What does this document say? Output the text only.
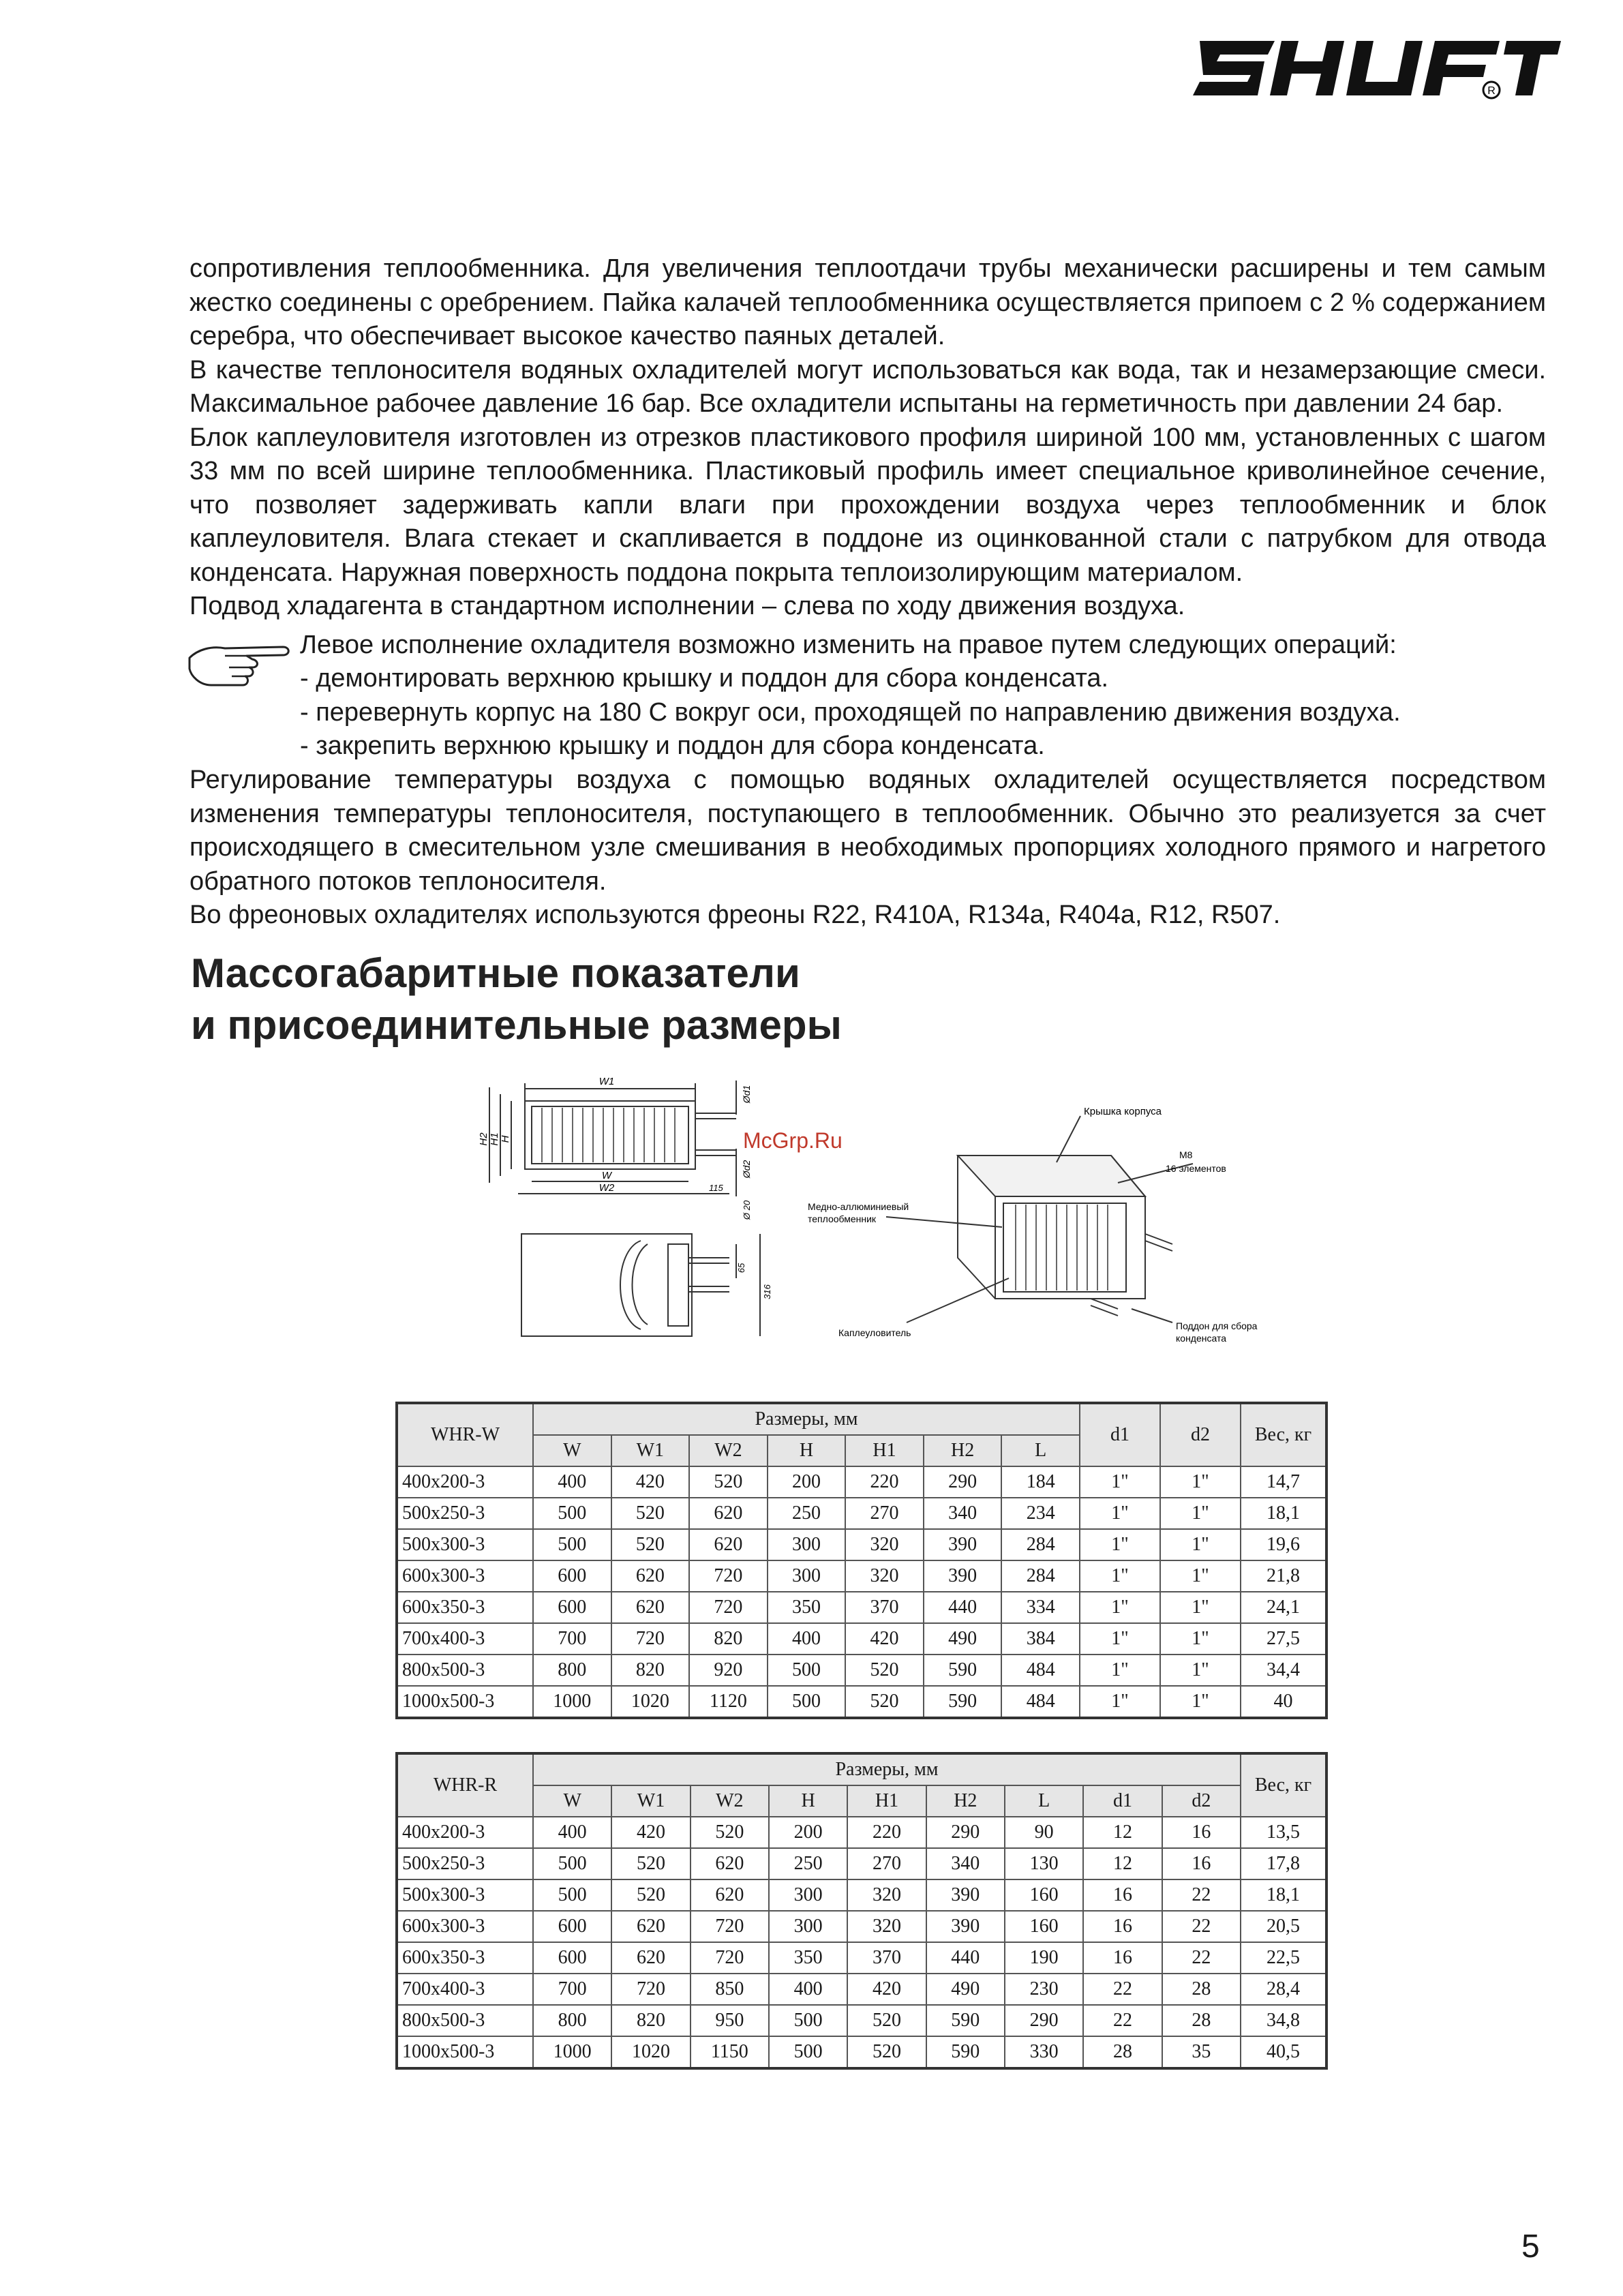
R

сопротивления теплообменника. Для увеличения теплоотдачи трубы механически расширены и тем самым жестко соединены с оребрением. Пайка калачей теплообменника осуществляется припоем с 2 % содержанием серебра, что обеспечивает высокое качество паяных деталей.

В качестве теплоносителя водяных охладителей могут использоваться как вода, так и незамерзающие смеси. Максимальное рабочее давление 16 бар. Все охладители испытаны на герметичность при давлении 24 бар.

Блок каплеуловителя изготовлен из отрезков пластикового профиля шириной 100 мм, установленных с шагом 33 мм по всей ширине теплообменника. Пластиковый профиль имеет специальное криволинейное сечение, что позволяет задерживать капли влаги при прохождении воздуха через теплообменник и блок каплеуловителя. Влага стекает и скапливается в поддоне из оцинкованной стали с патрубком для отвода конденсата. Наружная поверхность поддона покрыта теплоизолирующим материалом.

Подвод хладагента в стандартном исполнении – слева по ходу движения воздуха.

Левое исполнение охладителя возможно изменить на правое путем следующих операций:
- демонтировать верхнюю крышку и поддон для сбора конденсата.
- перевернуть корпус на 180 С вокруг оси, проходящей по направлению движения воздуха.
- закрепить верхнюю крышку и поддон для сбора конденсата.

Регулирование температуры воздуха с помощью водяных охладителей осуществляется посредством изменения температуры теплоносителя, поступающего в теплообменник. Обычно это реализуется за счет происходящего в смесительном узле смешивания в необходимых пропорциях холодного прямого и нагретого обратного потоков теплоносителя.

Во фреоновых охладителях используются фреоны R22, R410A, R134a, R404a, R12, R507.

Массогабаритные показатели
и присоединительные размеры
W1
W
W2	115
H
H1
H2
Ød1
Ød2
Ø 20
65
316
Крышка корпуса
M8
16 элементов
Медно-аллюминиевый
теплообменник
Поддон для сбора
конденсата
Каплеуловитель
McGrp.Ru
WHR-W	Размеры, мм							d1	d2	Вес, кг
	W	W1	W2	H	H1	H2	L			
400x200-3	400	420	520	200	220	290	184	1"	1"	14,7
500x250-3	500	520	620	250	270	340	234	1"	1"	18,1
500x300-3	500	520	620	300	320	390	284	1"	1"	19,6
600x300-3	600	620	720	300	320	390	284	1"	1"	21,8
600x350-3	600	620	720	350	370	440	334	1"	1"	24,1
700x400-3	700	720	820	400	420	490	384	1"	1"	27,5
800x500-3	800	820	920	500	520	590	484	1"	1"	34,4
1000x500-3	1000	1020	1120	500	520	590	484	1"	1"	40
WHR-R	Размеры, мм									Вес, кг
	W	W1	W2	H	H1	H2	L	d1	d2	
400x200-3	400	420	520	200	220	290	90	12	16	13,5
500x250-3	500	520	620	250	270	340	130	12	16	17,8
500x300-3	500	520	620	300	320	390	160	16	22	18,1
600x300-3	600	620	720	300	320	390	160	16	22	20,5
600x350-3	600	620	720	350	370	440	190	16	22	22,5
700x400-3	700	720	850	400	420	490	230	22	28	28,4
800x500-3	800	820	950	500	520	590	290	22	28	34,8
1000x500-3	1000	1020	1150	500	520	590	330	28	35	40,5
5
